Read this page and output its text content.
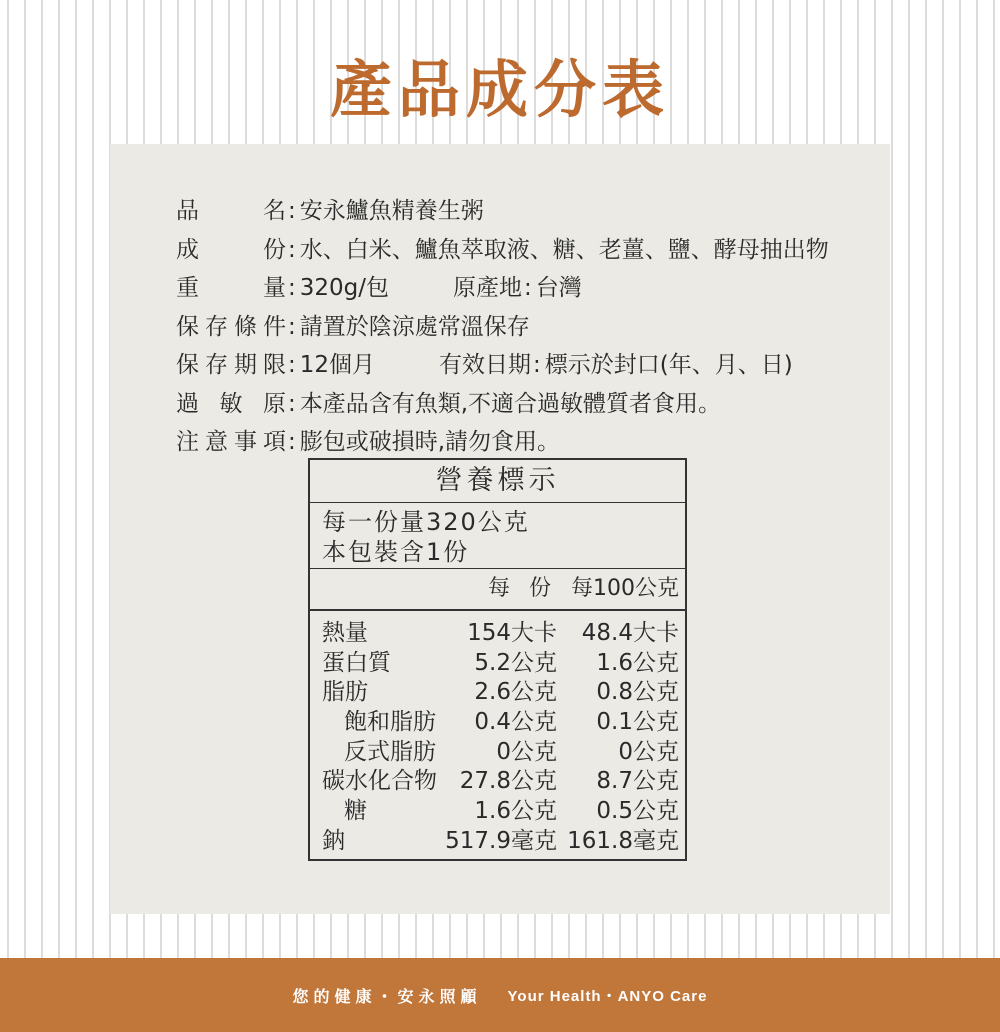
產品成分表
品	名 : 安永鱸魚精養生粥
成	份 : 水、白米、鱸魚萃取液、糖、老薑、鹽、酵母抽出物
重	量 : 320g/包	原產地 : 台灣
保 存 條 件 : 請置於陰涼處常溫保存
保 存 期 限 : 12個月	有效日期 : 標示於封口(年、月、日)
過 敏 原 : 本產品含有魚類,不適合過敏體質者食用。
注 意 事 項 : 膨包或破損時,請勿食用。
營養標示
每一份量320公克
本包裝含1份
每 份 每100公克
熱量	154大卡 48.4大卡
蛋白質	5.2公克 1.6公克
脂肪	2.6公克 0.8公克
飽和脂肪 0.4公克 0.1公克
反式脂肪	0公克	0公克
碳水化合物 27.8公克 8.7公克
糖	1.6公克 0.5公克
鈉	517.9毫克 161.8毫克
您的健康・安永照顧 Your Health・ANYO Care
